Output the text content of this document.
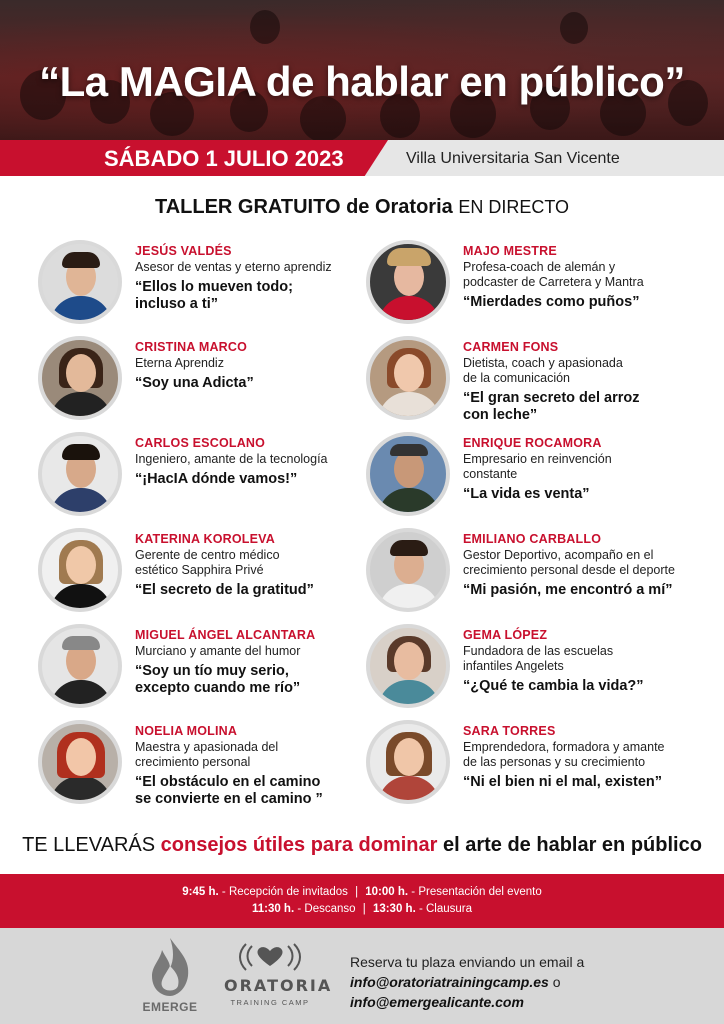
“La MAGIA de hablar en público”
SÁBADO 1 JULIO 2023	Villa Universitaria San Vicente
TALLER GRATUITO de Oratoria EN DIRECTO
JESÚS VALDÉS
Asesor de ventas y eterno aprendiz
“Ellos lo mueven todo;
incluso a ti”
CRISTINA MARCO
Eterna Aprendiz
“Soy una Adicta”
CARLOS ESCOLANO
Ingeniero, amante de la tecnología
“¡HacIA dónde vamos!”
KATERINA KOROLEVA
Gerente de centro médico
estético Sapphira Privé
“El secreto de la gratitud”
MIGUEL ÁNGEL ALCANTARA
Murciano y amante del humor
“Soy un tío muy serio,
excepto cuando me río”
NOELIA MOLINA
Maestra y apasionada del
crecimiento personal
“El obstáculo en el camino
se convierte en el camino ”
MAJO MESTRE
Profesa-coach de alemán y
podcaster de Carretera y Mantra
“Mierdades como puños”
CARMEN FONS
Dietista, coach y apasionada
de la comunicación
“El gran secreto del arroz
con leche”
ENRIQUE ROCAMORA
Empresario en reinvención
constante
“La vida es venta”
EMILIANO CARBALLO
Gestor Deportivo, acompaño en el
crecimiento personal desde el deporte
“Mi pasión, me encontró a mí”
GEMA LÓPEZ
Fundadora de las escuelas
infantiles Angelets
“¿Qué te cambia la vida?”
SARA TORRES
Emprendedora, formadora y amante
de las personas y su crecimiento
“Ni el bien ni el mal, existen”
TE LLEVARÁS consejos útiles para dominar el arte de hablar en público
9:45 h. - Recepción de invitados | 10:00 h. - Presentación del evento
11:30 h. - Descanso | 13:30 h. - Clausura
EMERGE
ORATORIA
TRAINING CAMP
Reserva tu plaza enviando un email a
info@oratoriatrainingcamp.es o
info@emergealicante.com
